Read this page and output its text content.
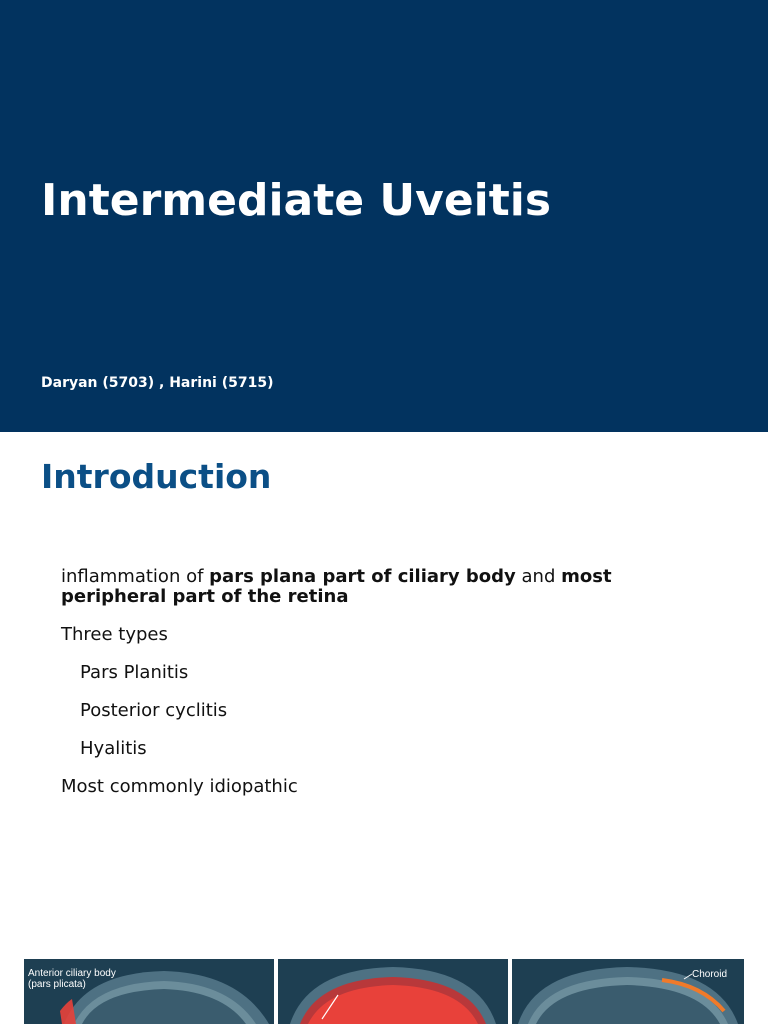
Intermediate Uveitis
Daryan (5703) , Harini (5715)
Introduction
inflammation of pars plana part of ciliary body and most peripheral part of the retina
Three types
Pars Planitis
Posterior cyclitis
Hyalitis
Most commonly idiopathic
Anterior ciliary body (pars plicata)
Choroid
